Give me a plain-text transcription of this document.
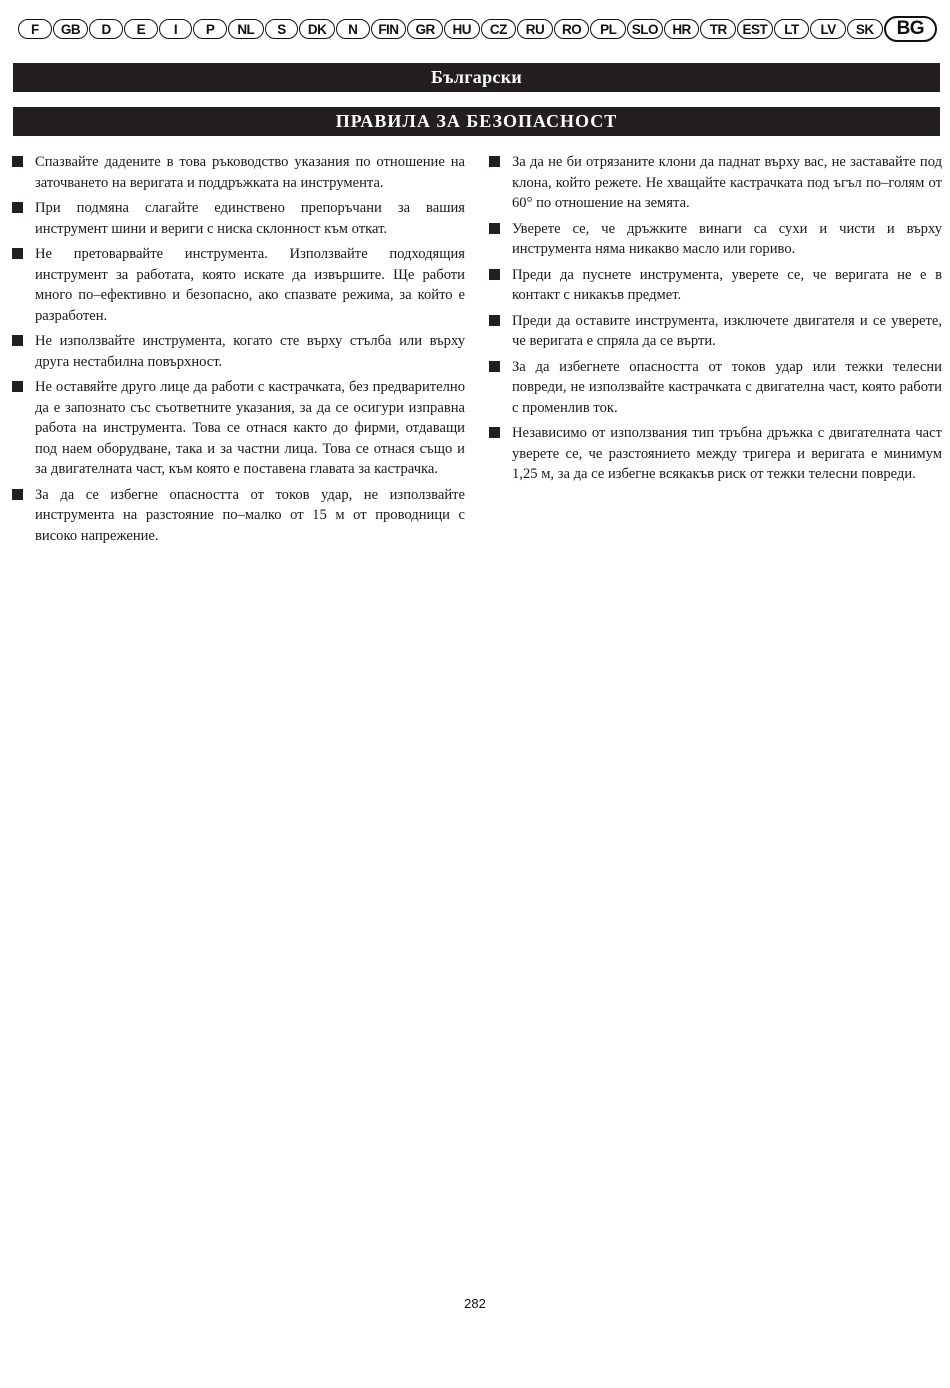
F	GB	D	E	I	P	NL	S	DK	N	FIN	GR	HU	CZ	RU	RO	PL	SLO	HR	TR	EST	LT	LV	SK	BG
Български
ПРАВИЛА ЗА БЕЗОПАСНОСТ
Спазвайте дадените в това ръководство указания по отношение на заточването на веригата и поддръжката на инструмента.
При подмяна слагайте единствено препоръчани за вашия инструмент шини и вериги с ниска склонност към откат.
Не претоварвайте инструмента. Използвайте подходящия инструмент за работата, която искате да извършите. Ще работи много по–ефективно и безопасно, ако спазвате режима, за който е разработен.
Не използвайте инструмента, когато сте върху стълба или върху друга нестабилна повърхност.
Не оставяйте друго лице да работи с кастрачката, без предварително да е запознато със съответните указания, за да се осигури изправна работа на инструмента. Това се отнася както до фирми, отдаващи под наем оборудване, така и за частни лица. Това се отнася също и за двигателната част, към която е поставена главата за кастрачка.
За да се избегне опасността от токов удар, не използвайте инструмента на разстояние по–малко от 15 м от проводници с високо напрежение.
За да не би отрязаните клони да паднат върху вас, не заставайте под клона, който режете. Не хващайте кастрачката под ъгъл по–голям от 60° по отношение на земята.
Уверете се, че дръжките винаги са сухи и чисти и върху инструмента няма никакво масло или гориво.
Преди да пуснете инструмента, уверете се, че веригата не е в контакт с никакъв предмет.
Преди да оставите инструмента, изключете двигателя и се уверете, че веригата е спряла да се върти.
За да избегнете опасността от токов удар или тежки телесни повреди, не използвайте кастрачката с двигателна част, която работи с променлив ток.
Независимо от използвания тип тръбна дръжка с двигателната част уверете се, че разстоянието между тригера и веригата е минимум 1,25 м, за да се избегне всякакъв риск от тежки телесни повреди.
282
